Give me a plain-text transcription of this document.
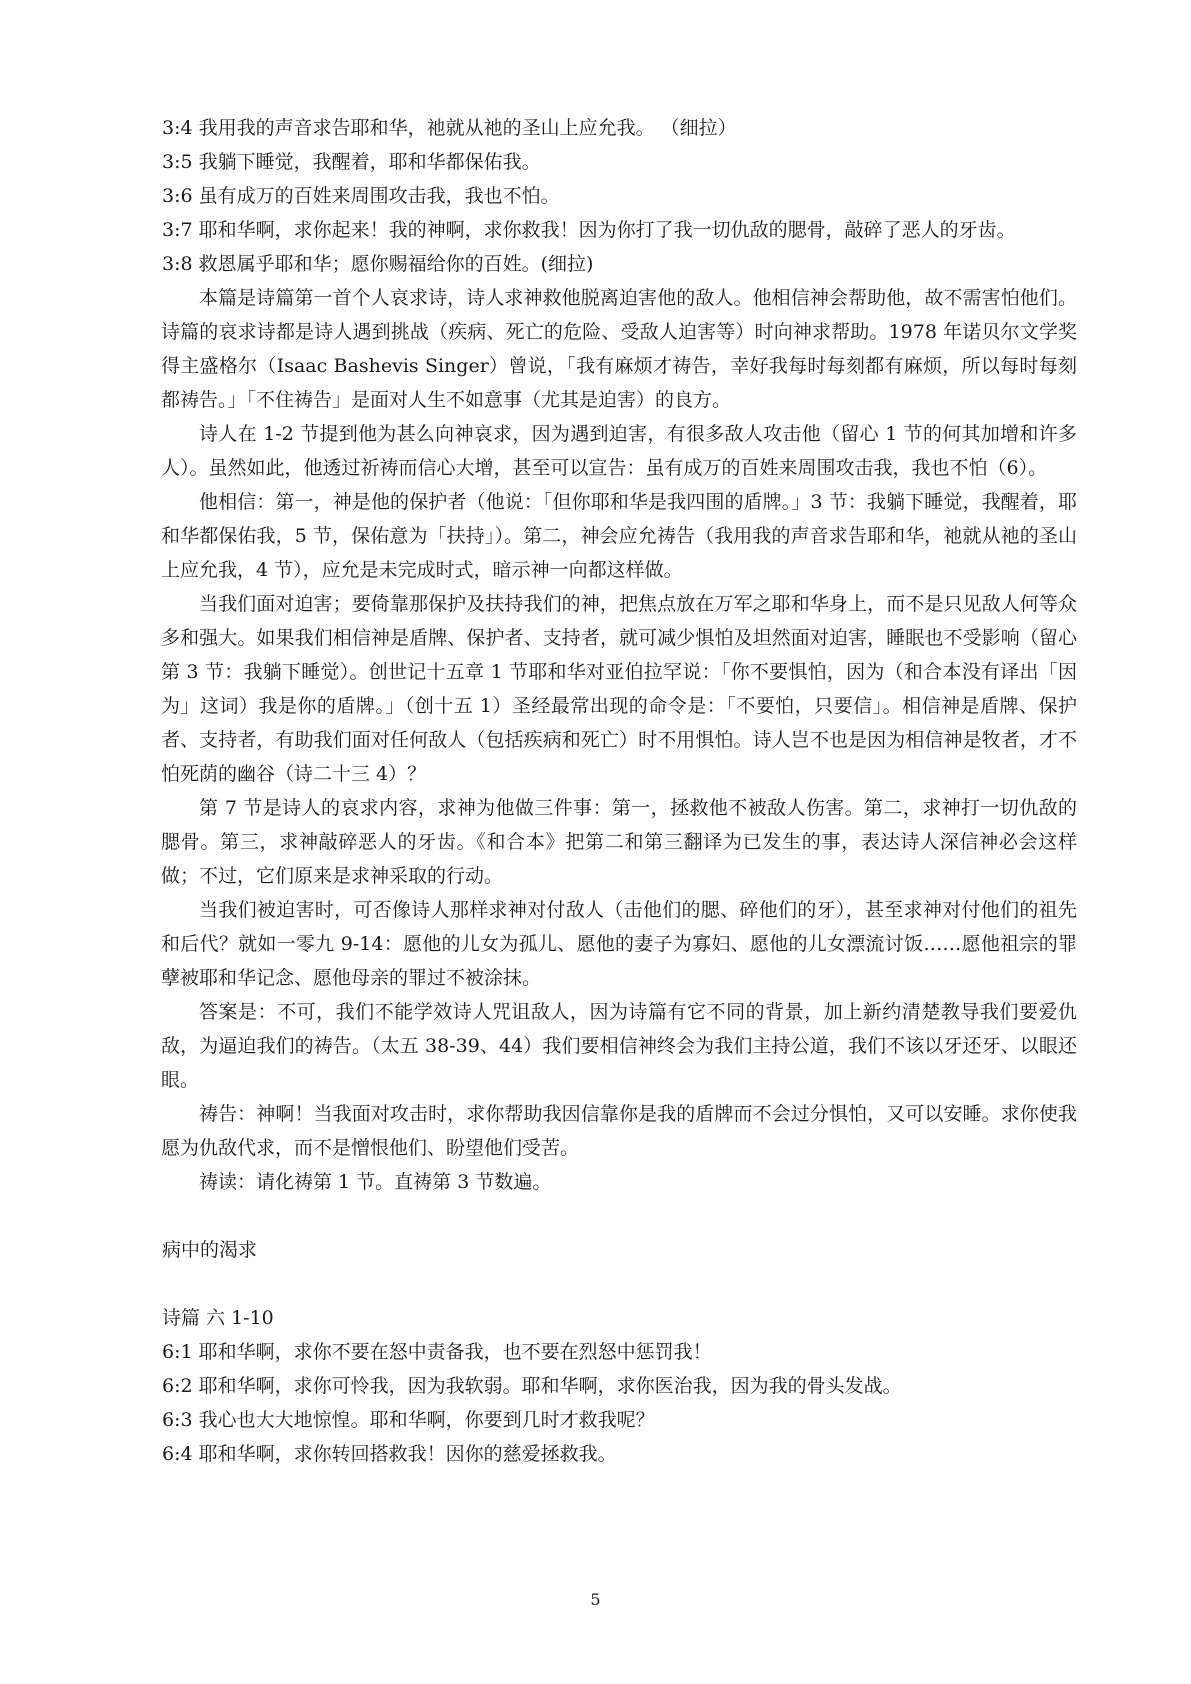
3:4 我用我的声音求告耶和华，祂就从祂的圣山上应允我。 （细拉）

3:5 我躺下睡觉，我醒着，耶和华都保佑我。

3:6 虽有成万的百姓来周围攻击我，我也不怕。

3:7 耶和华啊，求你起来！我的神啊，求你救我！因为你打了我一切仇敌的腮骨，敲碎了恶人的牙齿。

3:8 救恩属乎耶和华；愿你赐福给你的百姓。(细拉)

本篇是诗篇第一首个人哀求诗，诗人求神救他脱离迫害他的敌人。他相信神会帮助他，故不需害怕他们。诗篇的哀求诗都是诗人遇到挑战（疾病、死亡的危险、受敌人迫害等）时向神求帮助。1978 年诺贝尔文学奖得主盛格尔（Isaac Bashevis Singer）曾说，「我有麻烦才祷告，幸好我每时每刻都有麻烦，所以每时每刻都祷告。」「不住祷告」是面对人生不如意事（尤其是迫害）的良方。

诗人在 1-2 节提到他为甚么向神哀求，因为遇到迫害，有很多敌人攻击他（留心 1 节的何其加增和许多人）。虽然如此，他透过祈祷而信心大增，甚至可以宣告：虽有成万的百姓来周围攻击我，我也不怕（6）。

他相信：第一，神是他的保护者（他说：「但你耶和华是我四围的盾牌。」3 节：我躺下睡觉，我醒着，耶和华都保佑我，5 节，保佑意为「扶持」）。第二，神会应允祷告（我用我的声音求告耶和华，祂就从祂的圣山上应允我，4 节），应允是未完成时式，暗示神一向都这样做。

当我们面对迫害；要倚靠那保护及扶持我们的神，把焦点放在万军之耶和华身上，而不是只见敌人何等众多和强大。如果我们相信神是盾牌、保护者、支持者，就可减少惧怕及坦然面对迫害，睡眠也不受影响（留心第 3 节：我躺下睡觉）。创世记十五章 1 节耶和华对亚伯拉罕说：「你不要惧怕，因为（和合本没有译出「因为」这词）我是你的盾牌。」（创十五 1）圣经最常出现的命令是：「不要怕，只要信」。相信神是盾牌、保护者、支持者，有助我们面对任何敌人（包括疾病和死亡）时不用惧怕。诗人岂不也是因为相信神是牧者，才不怕死荫的幽谷（诗二十三 4）？

第 7 节是诗人的哀求内容，求神为他做三件事：第一，拯救他不被敌人伤害。第二，求神打一切仇敌的腮骨。第三，求神敲碎恶人的牙齿。《和合本》把第二和第三翻译为已发生的事，表达诗人深信神必会这样做；不过，它们原来是求神采取的行动。

当我们被迫害时，可否像诗人那样求神对付敌人（击他们的腮、碎他们的牙），甚至求神对付他们的祖先和后代？就如一零九 9-14：愿他的儿女为孤儿、愿他的妻子为寡妇、愿他的儿女漂流讨饭……愿他祖宗的罪孽被耶和华记念、愿他母亲的罪过不被涂抹。

答案是：不可，我们不能学效诗人咒诅敌人，因为诗篇有它不同的背景，加上新约清楚教导我们要爱仇敌，为逼迫我们的祷告。（太五 38-39、44）我们要相信神终会为我们主持公道，我们不该以牙还牙、以眼还眼。

祷告：神啊！当我面对攻击时，求你帮助我因信靠你是我的盾牌而不会过分惧怕，又可以安睡。求你使我愿为仇敌代求，而不是憎恨他们、盼望他们受苦。

祷读：请化祷第 1 节。直祷第 3 节数遍。

病中的渴求

诗篇 六 1-10

6:1 耶和华啊，求你不要在怒中责备我，也不要在烈怒中惩罚我！

6:2 耶和华啊，求你可怜我，因为我软弱。耶和华啊，求你医治我，因为我的骨头发战。

6:3 我心也大大地惊惶。耶和华啊，你要到几时才救我呢？

6:4 耶和华啊，求你转回搭救我！因你的慈爱拯救我。

5
